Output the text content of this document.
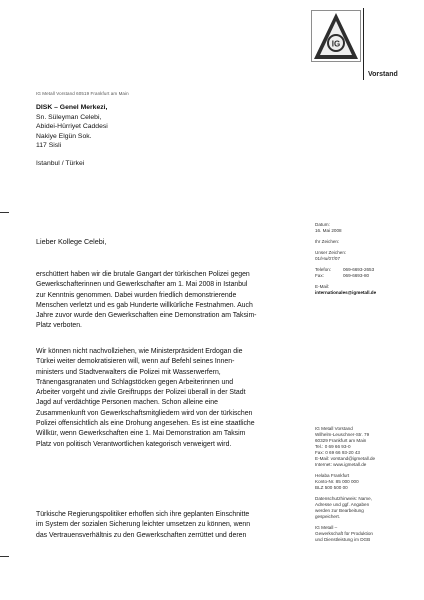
IG
Vorstand
IG Metall Vorstand 60519 Frankfurt am Main
DISK – Genel Merkezi,
Sn. Süleyman Celebi,
Abidei-Hürriyet Caddesi
Nakiye Elgün Sok.
117 Sisli
Istanbul / Türkei
Datum:
16. Mai 2008
Ihr Zeichen:
Unser Zeichen:
01/Hu/07/07
Telefon:	069-6693-2653
Fax:	069-6693-80
E-Mail:
internationales@igmetall.de
IG Metall Vorstand
Wilhelm-Leuschner-Str. 79
60329 Frankfurt am Main
Tel.: 0 69 66 93-0
Fax: 0 69 66 93-20 43
E-Mail: vorstand@igmetall.de
Internet: www.igmetall.de
Helaba Frankfurt
Konto-Nr. 85 000 000
BLZ 500 500 00
Datenschutzhinweis: Name,
Adresse und ggf. Angaben
werden zur Bearbeitung
gespeichert.
IG Metall –
Gewerkschaft für Produktion
und Dienstleistung im DGB
Lieber Kollege Celebi,
erschüttert haben wir die brutale Gangart der türkischen Polizei gegen
Gewerkschafterinnen und Gewerkschafter am 1. Mai 2008 in Istanbul
zur Kenntnis genommen. Dabei wurden friedlich demonstrierende
Menschen verletzt und es gab Hunderte willkürliche Festnahmen. Auch
Jahre zuvor wurde den Gewerkschaften eine Demonstration am Taksim-
Platz verboten.
Wir können nicht nachvollziehen, wie Ministerpräsident Erdogan die
Türkei weiter demokratisieren will, wenn auf Befehl seines Innen-
ministers und Stadtverwalters die Polizei mit Wasserwerfern,
Tränengasgranaten und Schlagstöcken gegen Arbeiterinnen und
Arbeiter vorgeht und zivile Greiftrupps der Polizei überall in der Stadt
Jagd auf verdächtige Personen machen. Schon alleine eine
Zusammenkunft von Gewerkschaftsmitgliedern wird von der türkischen
Polizei offensichtlich als eine Drohung angesehen. Es ist eine staatliche
Willkür, wenn Gewerkschaften eine 1. Mai Demonstration am Taksim
Platz von politisch Verantwortlichen kategorisch verweigert wird.
Türkische Regierungspolitiker erhoffen sich ihre geplanten Einschnitte
im System der sozialen Sicherung leichter umsetzen zu können, wenn
das Vertrauensverhältnis zu den Gewerkschaften zerrüttet und deren
